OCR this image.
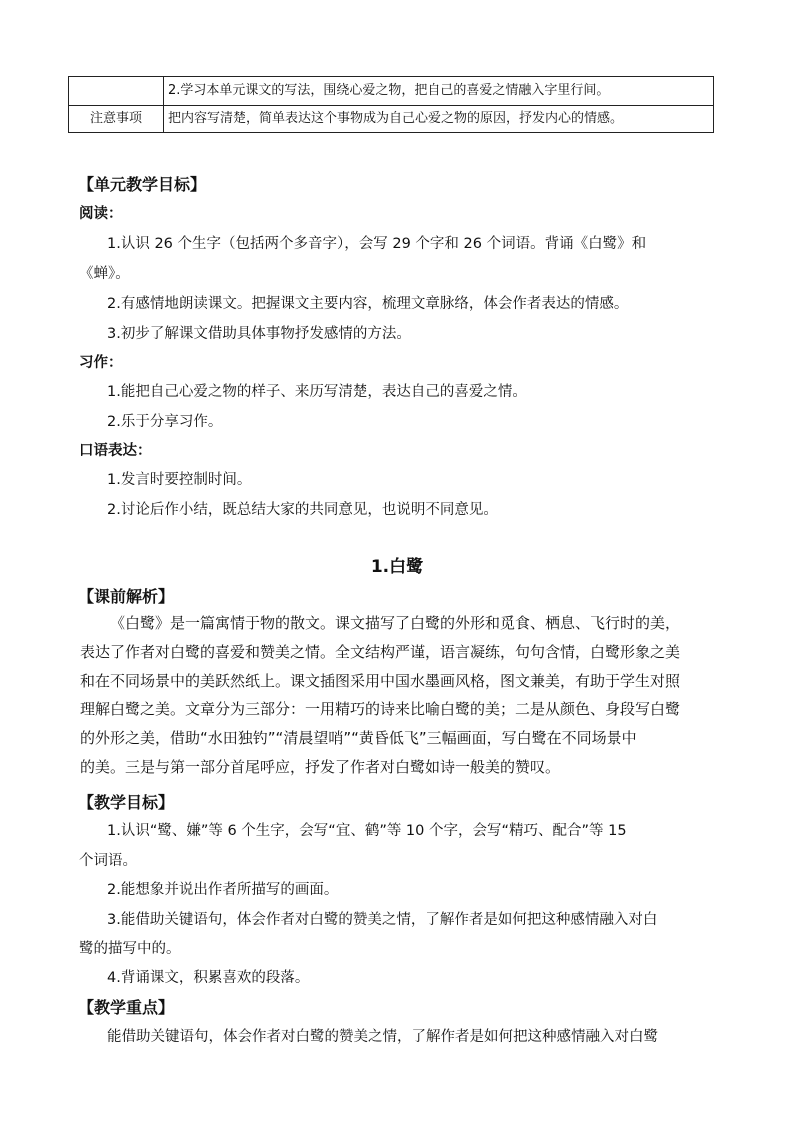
	2.学习本单元课文的写法，围绕心爱之物，把自己的喜爱之情融入字里行间。
注意事项	把内容写清楚，简单表达这个事物成为自己心爱之物的原因，抒发内心的情感。
【单元教学目标】
阅读：
1.认识 26 个生字（包括两个多音字），会写 29 个字和 26 个词语。背诵《白鹭》和
《蝉》。
2.有感情地朗读课文。把握课文主要内容，梳理文章脉络，体会作者表达的情感。
3.初步了解课文借助具体事物抒发感情的方法。
习作：
1.能把自己心爱之物的样子、来历写清楚，表达自己的喜爱之情。
2.乐于分享习作。
口语表达：
1.发言时要控制时间。
2.讨论后作小结，既总结大家的共同意见，也说明不同意见。
1.白鹭
【课前解析】
《白鹭》是一篇寓情于物的散文。课文描写了白鹭的外形和觅食、栖息、飞行时的美，
表达了作者对白鹭的喜爱和赞美之情。全文结构严谨，语言凝练，句句含情，白鹭形象之美
和在不同场景中的美跃然纸上。课文插图采用中国水墨画风格，图文兼美，有助于学生对照
理解白鹭之美。文章分为三部分：一用精巧的诗来比喻白鹭的美；二是从颜色、身段写白鹭
的外形之美，借助“水田独钓”“清晨望哨”“黄昏低飞”三幅画面，写白鹭在不同场景中
的美。三是与第一部分首尾呼应，抒发了作者对白鹭如诗一般美的赞叹。
【教学目标】
1.认识“鹭、嫌”等 6 个生字，会写“宜、鹤”等 10 个字，会写“精巧、配合”等 15
个词语。
2.能想象并说出作者所描写的画面。
3.能借助关键语句，体会作者对白鹭的赞美之情，了解作者是如何把这种感情融入对白
鹭的描写中的。
4.背诵课文，积累喜欢的段落。
【教学重点】
能借助关键语句，体会作者对白鹭的赞美之情，了解作者是如何把这种感情融入对白鹭
